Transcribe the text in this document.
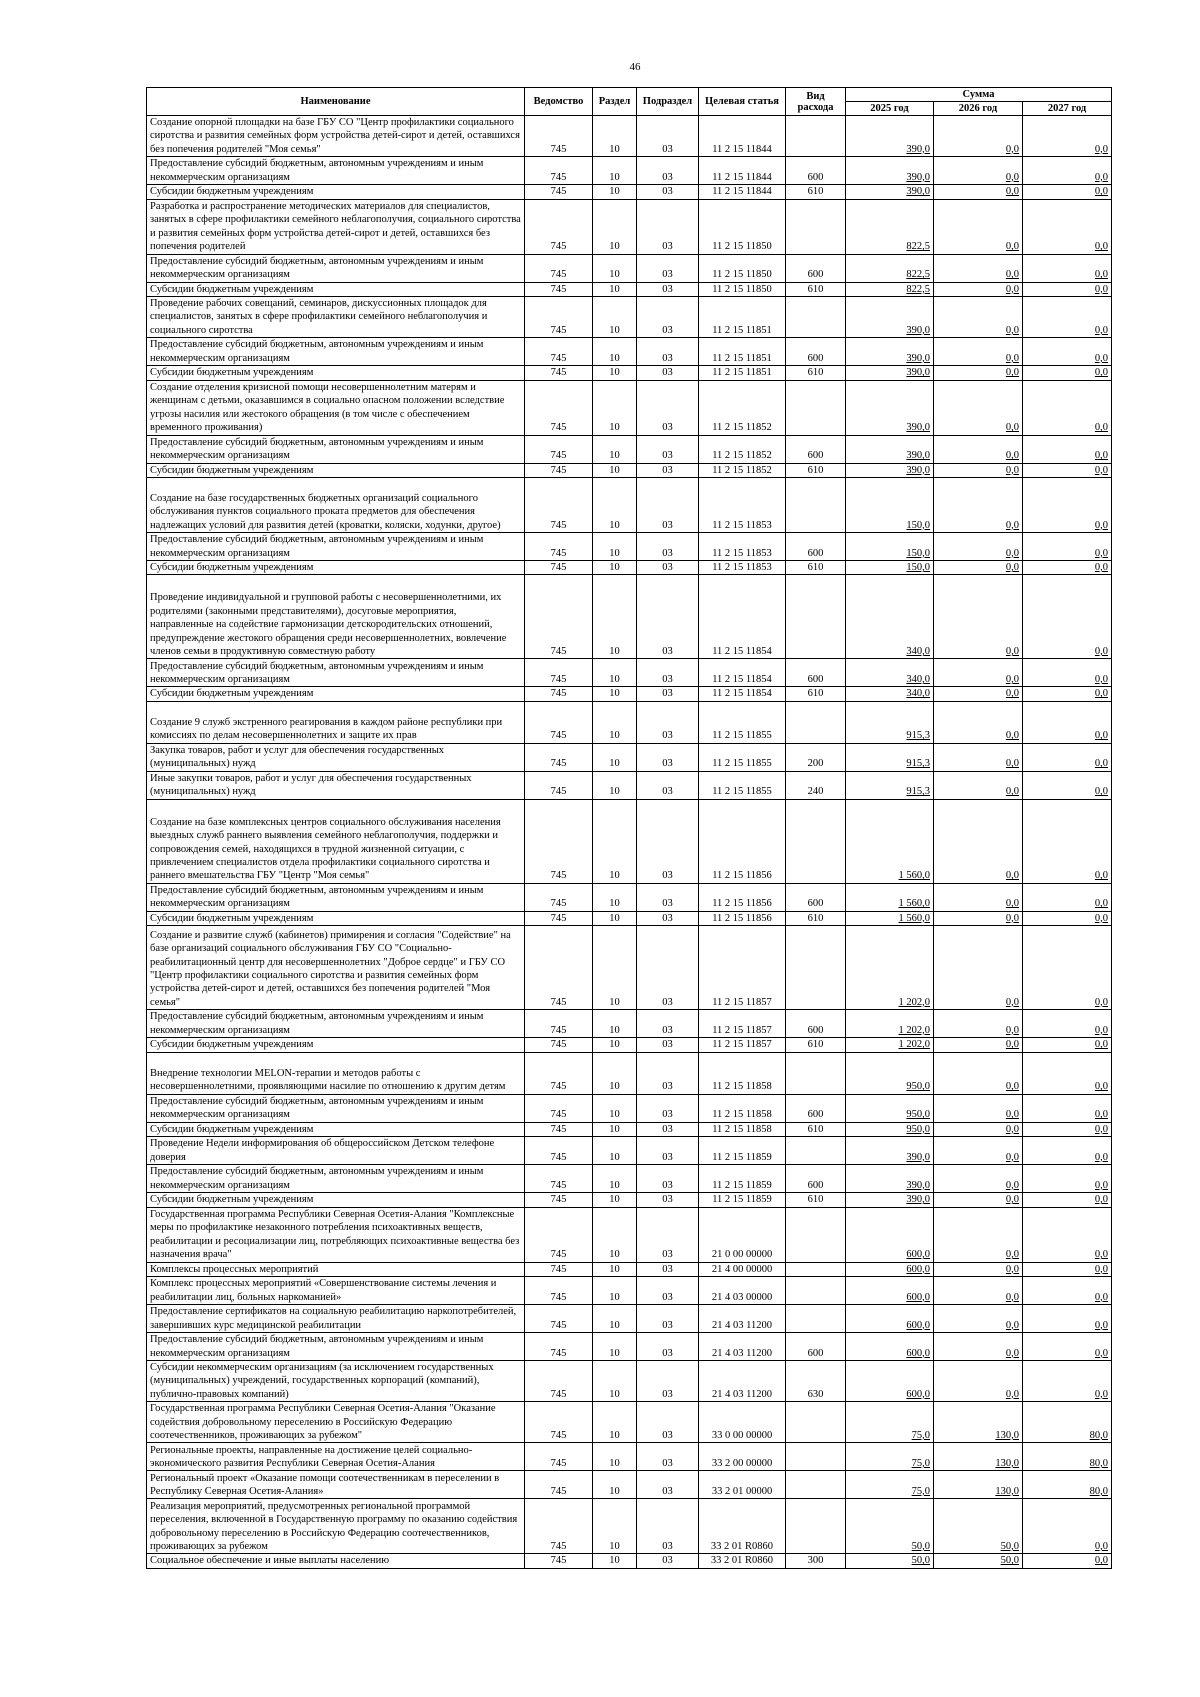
46
Наименование	Ведомство	Раздел	Подраздел	Целевая статья	Вид расхода	Сумма		
						2025 год	2026 год	2027 год
Создание опорной площадки на базе ГБУ СО "Центр профилактики социального сиротства и развития семейных форм устройства детей-сирот и детей, оставшихся без попечения родителей "Моя семья"	745	10	03	11 2 15 11844		390,0	0,0	0,0
Предоставление субсидий бюджетным, автономным учреждениям и иным некоммерческим организациям	745	10	03	11 2 15 11844	600	390,0	0,0	0,0
Субсидии бюджетным учреждениям	745	10	03	11 2 15 11844	610	390,0	0,0	0,0
Разработка и распространение методических материалов для специалистов, занятых в сфере профилактики семейного неблагополучия, социального сиротства и развития семейных форм устройства детей-сирот и детей, оставшихся без попечения родителей	745	10	03	11 2 15 11850		822,5	0,0	0,0
Предоставление субсидий бюджетным, автономным учреждениям и иным некоммерческим организациям	745	10	03	11 2 15 11850	600	822,5	0,0	0,0
Субсидии бюджетным учреждениям	745	10	03	11 2 15 11850	610	822,5	0,0	0,0
Проведение рабочих совещаний, семинаров, дискуссионных площадок для специалистов, занятых в сфере профилактики семейного неблагополучия и социального сиротства	745	10	03	11 2 15 11851		390,0	0,0	0,0
Предоставление субсидий бюджетным, автономным учреждениям и иным некоммерческим организациям	745	10	03	11 2 15 11851	600	390,0	0,0	0,0
Субсидии бюджетным учреждениям	745	10	03	11 2 15 11851	610	390,0	0,0	0,0
Создание отделения кризисной помощи несовершеннолетним матерям и женщинам с детьми, оказавшимся в социально опасном положении вследствие угрозы насилия или жестокого обращения (в том числе с обеспечением временного проживания)	745	10	03	11 2 15 11852		390,0	0,0	0,0
Предоставление субсидий бюджетным, автономным учреждениям и иным некоммерческим организациям	745	10	03	11 2 15 11852	600	390,0	0,0	0,0
Субсидии бюджетным учреждениям	745	10	03	11 2 15 11852	610	390,0	0,0	0,0
Создание на базе государственных бюджетных организаций социального обслуживания пунктов социального проката предметов для обеспечения надлежащих условий для развития детей (кроватки, коляски, ходунки, другое)	745	10	03	11 2 15 11853		150,0	0,0	0,0
Предоставление субсидий бюджетным, автономным учреждениям и иным некоммерческим организациям	745	10	03	11 2 15 11853	600	150,0	0,0	0,0
Субсидии бюджетным учреждениям	745	10	03	11 2 15 11853	610	150,0	0,0	0,0
Проведение индивидуальной и групповой работы с несовершеннолетними, их родителями (законными представителями), досуговые мероприятия, направленные на содействие гармонизации детскородительских отношений, предупреждение жестокого обращения среди несовершеннолетних, вовлечение членов семьи в продуктивную совместную работу	745	10	03	11 2 15 11854		340,0	0,0	0,0
Предоставление субсидий бюджетным, автономным учреждениям и иным некоммерческим организациям	745	10	03	11 2 15 11854	600	340,0	0,0	0,0
Субсидии бюджетным учреждениям	745	10	03	11 2 15 11854	610	340,0	0,0	0,0
Создание 9 служб экстренного реагирования в каждом районе республики при комиссиях по делам несовершеннолетних и защите их прав	745	10	03	11 2 15 11855		915,3	0,0	0,0
Закупка товаров, работ и услуг для обеспечения государственных (муниципальных) нужд	745	10	03	11 2 15 11855	200	915,3	0,0	0,0
Иные закупки товаров, работ и услуг для обеспечения государственных (муниципальных) нужд	745	10	03	11 2 15 11855	240	915,3	0,0	0,0
Создание на базе комплексных центров социального обслуживания населения выездных служб раннего выявления семейного неблагополучия, поддержки и сопровождения семей, находящихся в трудной жизненной ситуации, с привлечением специалистов отдела профилактики социального сиротства и раннего вмешательства ГБУ "Центр "Моя семья"	745	10	03	11 2 15 11856		1 560,0	0,0	0,0
Предоставление субсидий бюджетным, автономным учреждениям и иным некоммерческим организациям	745	10	03	11 2 15 11856	600	1 560,0	0,0	0,0
Субсидии бюджетным учреждениям	745	10	03	11 2 15 11856	610	1 560,0	0,0	0,0
Создание и развитие служб (кабинетов) примирения и согласия "Содействие" на базе организаций социального обслуживания ГБУ СО "Социально-реабилитационный центр для несовершеннолетних "Доброе сердце" и ГБУ СО "Центр профилактики социального сиротства и развития семейных форм устройства детей-сирот и детей, оставшихся без попечения родителей "Моя семья"	745	10	03	11 2 15 11857		1 202,0	0,0	0,0
Предоставление субсидий бюджетным, автономным учреждениям и иным некоммерческим организациям	745	10	03	11 2 15 11857	600	1 202,0	0,0	0,0
Субсидии бюджетным учреждениям	745	10	03	11 2 15 11857	610	1 202,0	0,0	0,0
Внедрение технологии MELON-терапии и методов работы с несовершеннолетними, проявляющими насилие по отношению к другим детям	745	10	03	11 2 15 11858		950,0	0,0	0,0
Предоставление субсидий бюджетным, автономным учреждениям и иным некоммерческим организациям	745	10	03	11 2 15 11858	600	950,0	0,0	0,0
Субсидии бюджетным учреждениям	745	10	03	11 2 15 11858	610	950,0	0,0	0,0
Проведение Недели информирования об общероссийском Детском телефоне доверия	745	10	03	11 2 15 11859		390,0	0,0	0,0
Предоставление субсидий бюджетным, автономным учреждениям и иным некоммерческим организациям	745	10	03	11 2 15 11859	600	390,0	0,0	0,0
Субсидии бюджетным учреждениям	745	10	03	11 2 15 11859	610	390,0	0,0	0,0
Государственная программа Республики Северная Осетия-Алания "Комплексные меры по профилактике незаконного потребления психоактивных веществ, реабилитации и ресоциализации лиц, потребляющих психоактивные вещества без назначения врача"	745	10	03	21 0 00 00000		600,0	0,0	0,0
Комплексы процессных мероприятий	745	10	03	21 4 00 00000		600,0	0,0	0,0
Комплекс процессных мероприятий «Совершенствование системы лечения и реабилитации лиц, больных наркоманией»	745	10	03	21 4 03 00000		600,0	0,0	0,0
Предоставление сертификатов на социальную реабилитацию наркопотребителей, завершивших курс медицинской реабилитации	745	10	03	21 4 03 11200		600,0	0,0	0,0
Предоставление субсидий бюджетным, автономным учреждениям и иным некоммерческим организациям	745	10	03	21 4 03 11200	600	600,0	0,0	0,0
Субсидии некоммерческим организациям (за исключением государственных (муниципальных) учреждений, государственных корпораций (компаний), публично-правовых компаний)	745	10	03	21 4 03 11200	630	600,0	0,0	0,0
Государственная программа Республики Северная Осетия-Алания "Оказание содействия добровольному переселению в Российскую Федерацию соотечественников, проживающих за рубежом"	745	10	03	33 0 00 00000		75,0	130,0	80,0
Региональные проекты, направленные на достижение целей социально-экономического развития Республики Северная Осетия-Алания	745	10	03	33 2 00 00000		75,0	130,0	80,0
Региональный проект «Оказание помощи соотечественникам в переселении в Республику Северная Осетия-Алания»	745	10	03	33 2 01 00000		75,0	130,0	80,0
Реализация мероприятий, предусмотренных региональной программой переселения, включенной в Государственную программу по оказанию содействия добровольному переселению в Российскую Федерацию соотечественников, проживающих за рубежом	745	10	03	33 2 01 R0860		50,0	50,0	0,0
Социальное обеспечение и иные выплаты населению	745	10	03	33 2 01 R0860	300	50,0	50,0	0,0
